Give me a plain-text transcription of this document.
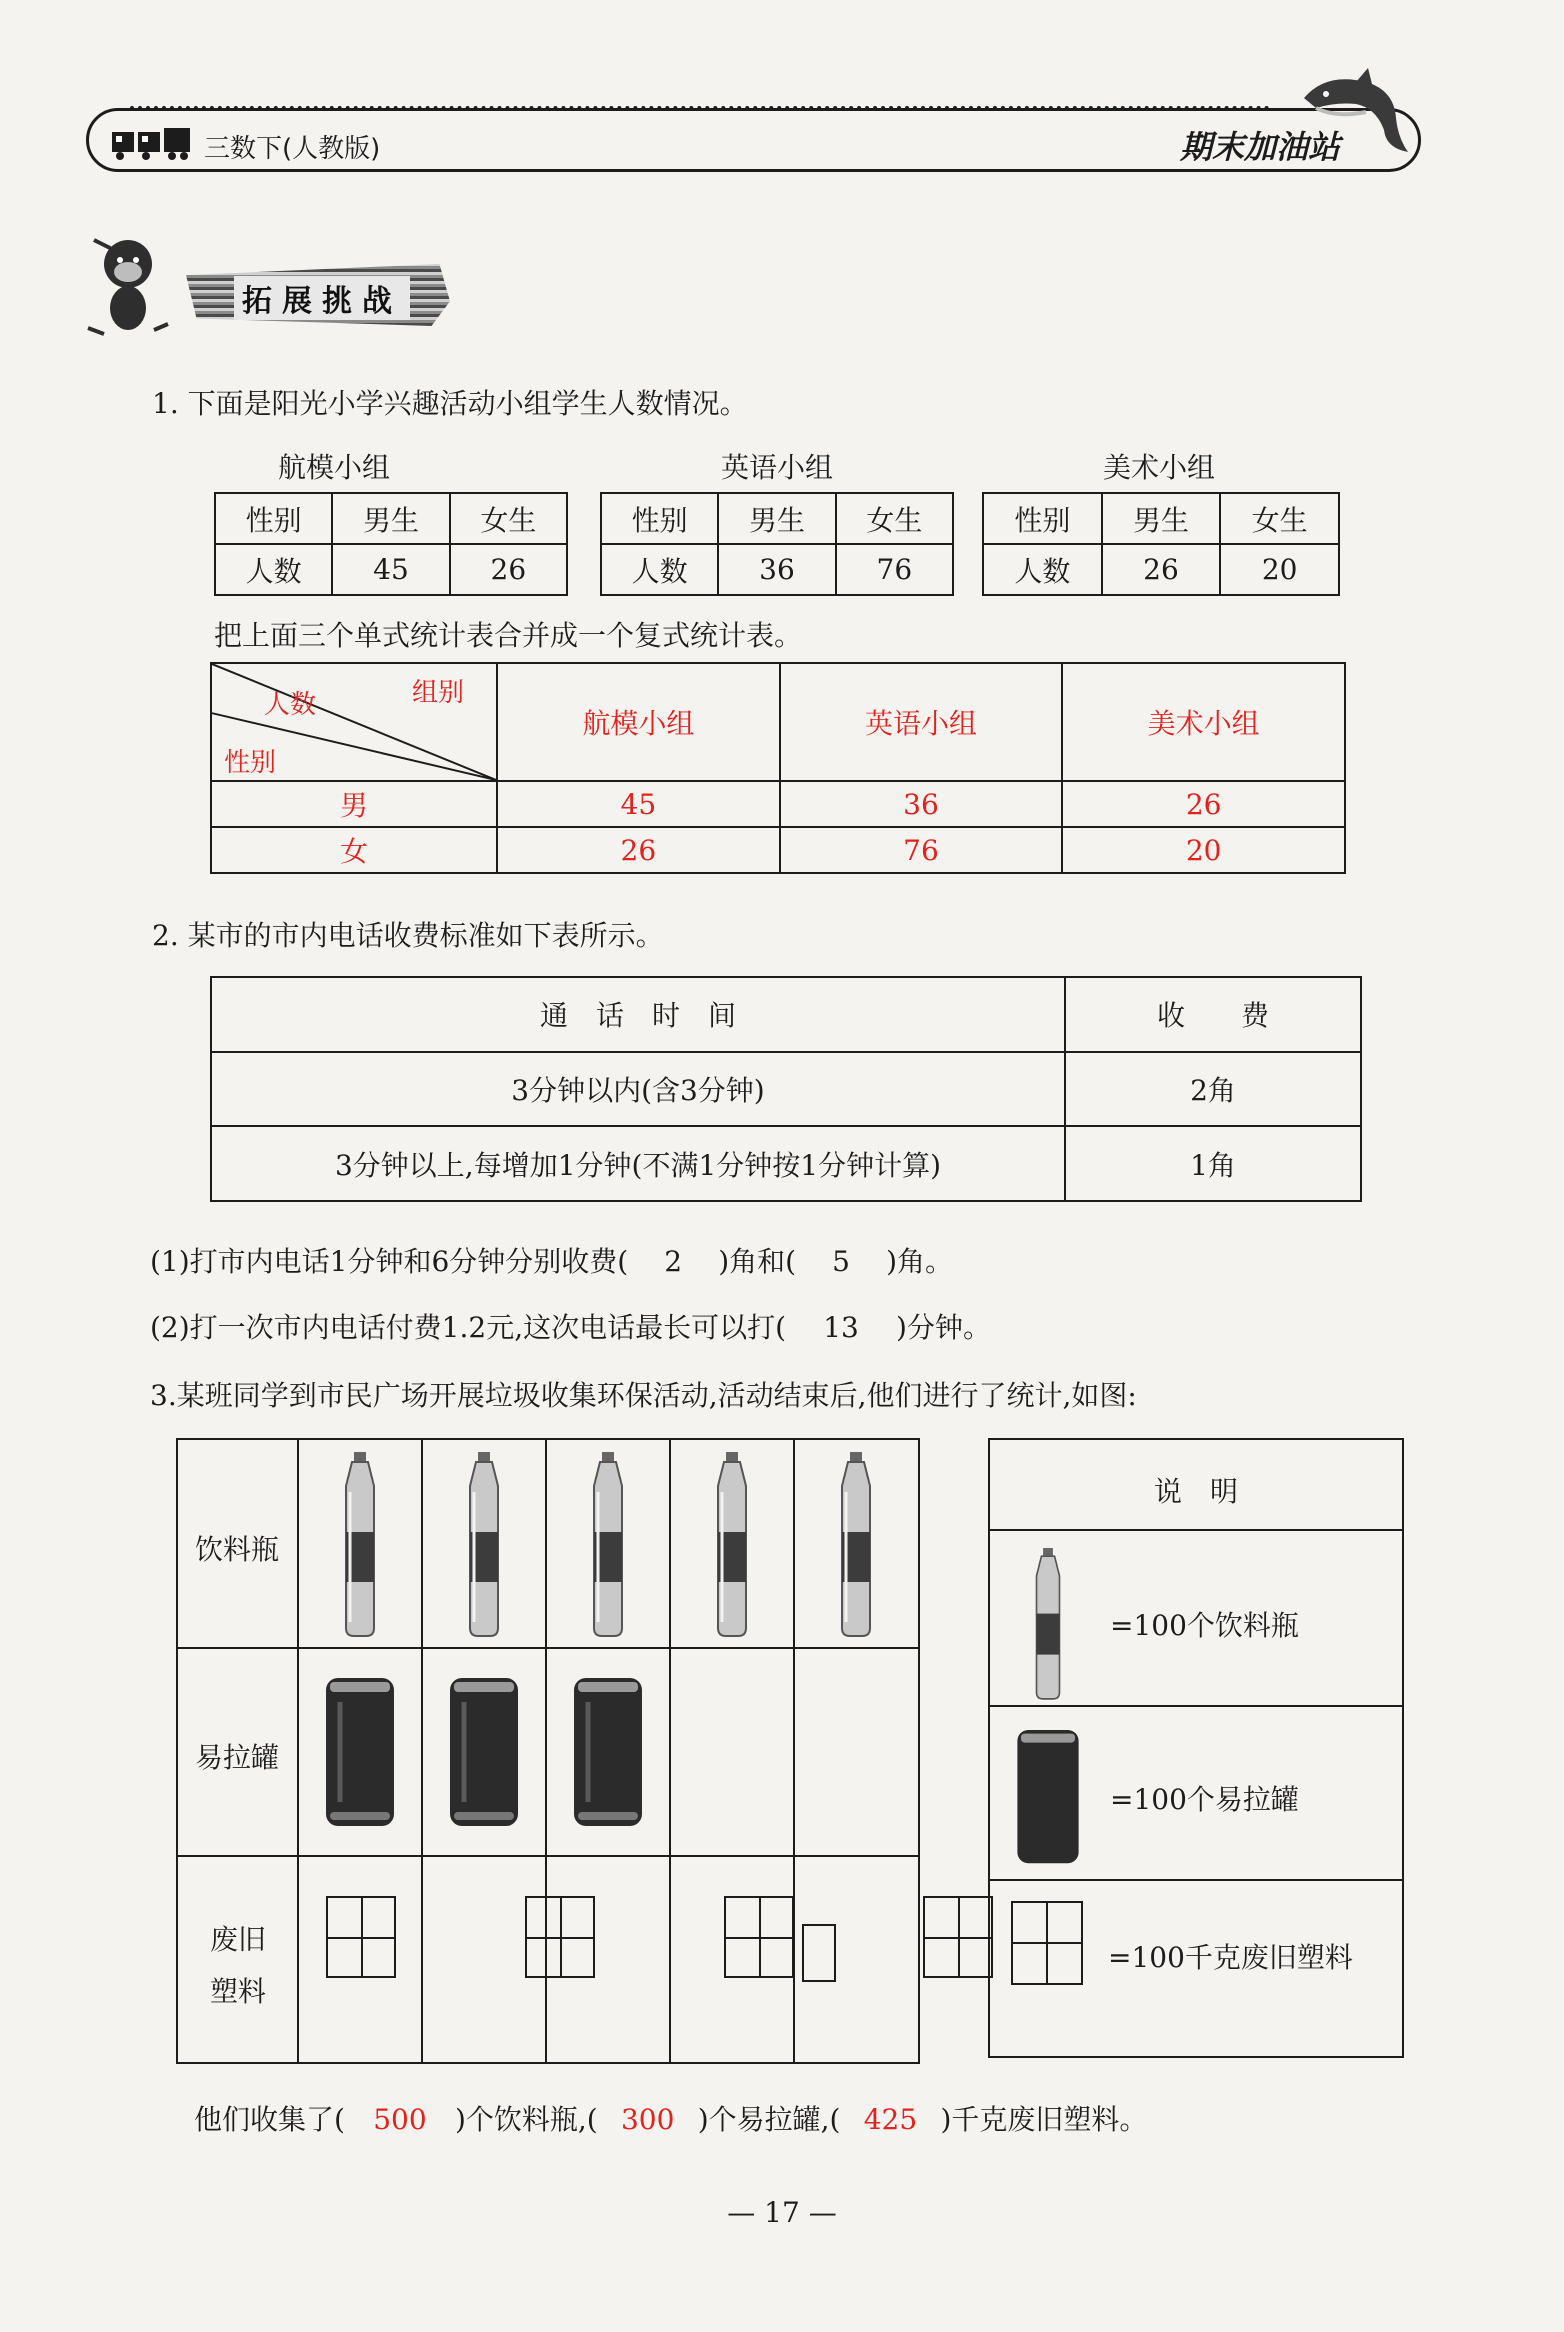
三数下(人教版)	期末加油站
拓展挑战
1. 下面是阳光小学兴趣活动小组学生人数情况。
航模小组
性别	男生	女生
人数	45	26
英语小组
性别	男生	女生
人数	36	76
美术小组
性别	男生	女生
人数	26	20
把上面三个单式统计表合并成一个复式统计表。
组别
人数
性别	航模小组	英语小组	美术小组
男	45	36	26
女	26	76	20
2. 某市的市内电话收费标准如下表所示。
通　话　时　间	收　　费
3分钟以内(含3分钟)	2角
3分钟以上,每增加1分钟(不满1分钟按1分钟计算)	1角
(1)打市内电话1分钟和6分钟分别收费( 2 )角和( 5 )角。
(2)打一次市内电话付费1.2元,这次电话最长可以打( 13 )分钟。
3.某班同学到市民广场开展垃圾收集环保活动,活动结束后,他们进行了统计,如图:
饮料瓶
易拉罐
废旧塑料

说　明
=100个饮料瓶
=100个易拉罐
=100千克废旧塑料
他们收集了( 500 )个饮料瓶,( 300 )个易拉罐,( 425 )千克废旧塑料。
— 17 —
